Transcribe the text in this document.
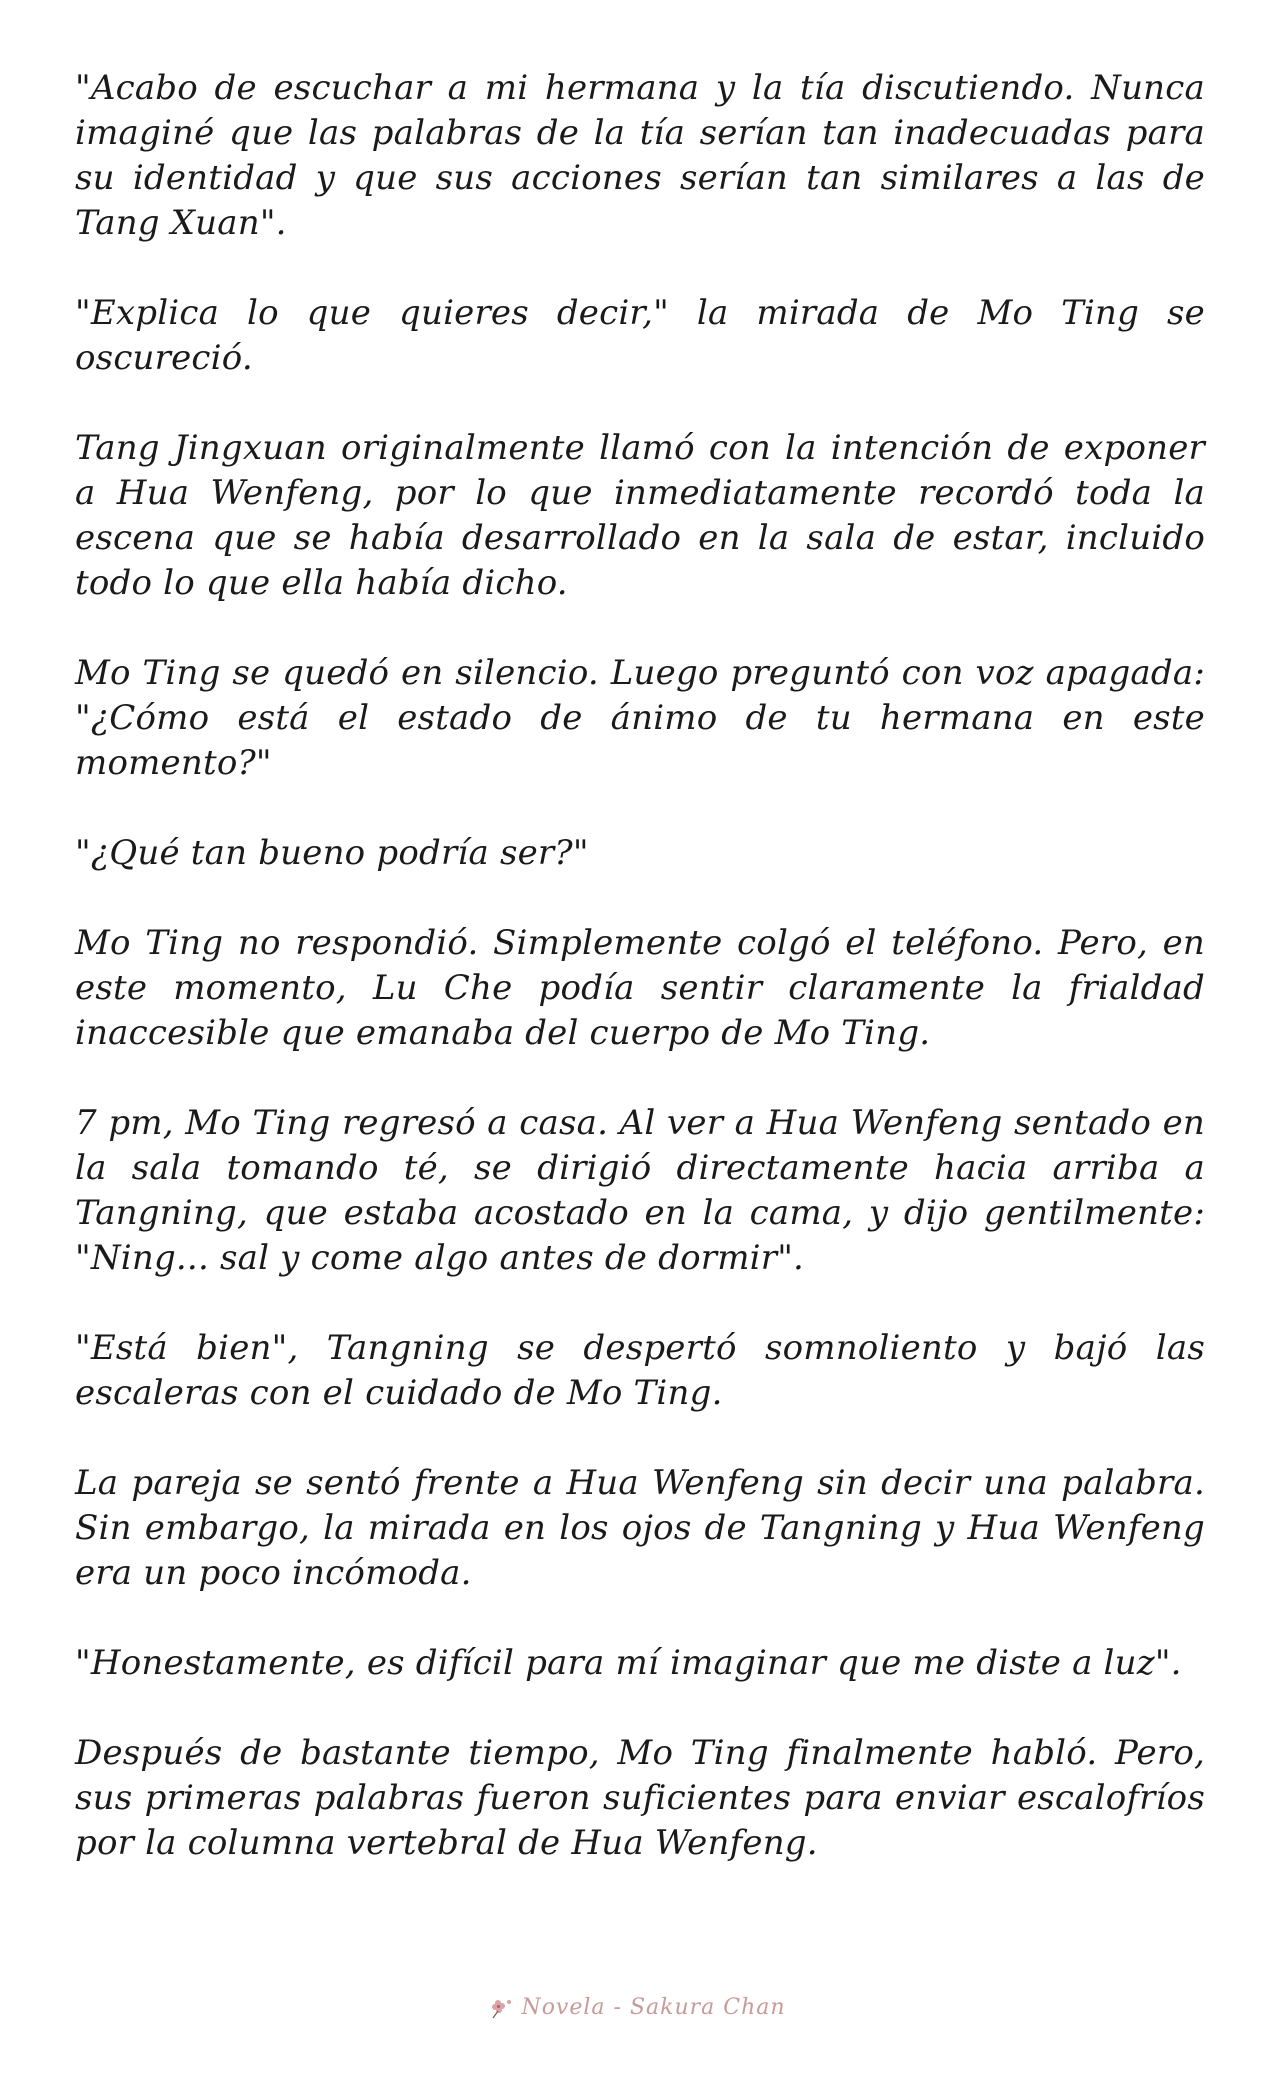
"Acabo de escuchar a mi hermana y la tía discutiendo. Nunca imaginé que las palabras de la tía serían tan inadecuadas para su identidad y que sus acciones serían tan similares a las de Tang Xuan".

"Explica lo que quieres decir," la mirada de Mo Ting se oscureció.

Tang Jingxuan originalmente llamó con la intención de exponer a Hua Wenfeng, por lo que inmediatamente recordó toda la escena que se había desarrollado en la sala de estar, incluido todo lo que ella había dicho.

Mo Ting se quedó en silencio. Luego preguntó con voz apagada: "¿Cómo está el estado de ánimo de tu hermana en este momento?"

"¿Qué tan bueno podría ser?"

Mo Ting no respondió. Simplemente colgó el teléfono. Pero, en este momento, Lu Che podía sentir claramente la frialdad inaccesible que emanaba del cuerpo de Mo Ting.

7 pm, Mo Ting regresó a casa. Al ver a Hua Wenfeng sentado en la sala tomando té, se dirigió directamente hacia arriba a Tangning, que estaba acostado en la cama, y dijo gentilmente: "Ning... sal y come algo antes de dormir".

"Está bien", Tangning se despertó somnoliento y bajó las escaleras con el cuidado de Mo Ting.

La pareja se sentó frente a Hua Wenfeng sin decir una palabra. Sin embargo, la mirada en los ojos de Tangning y Hua Wenfeng era un poco incómoda.

"Honestamente, es difícil para mí imaginar que me diste a luz".

Después de bastante tiempo, Mo Ting finalmente habló. Pero, sus primeras palabras fueron suficientes para enviar escalofríos por la columna vertebral de Hua Wenfeng.

Novela - Sakura Chan
